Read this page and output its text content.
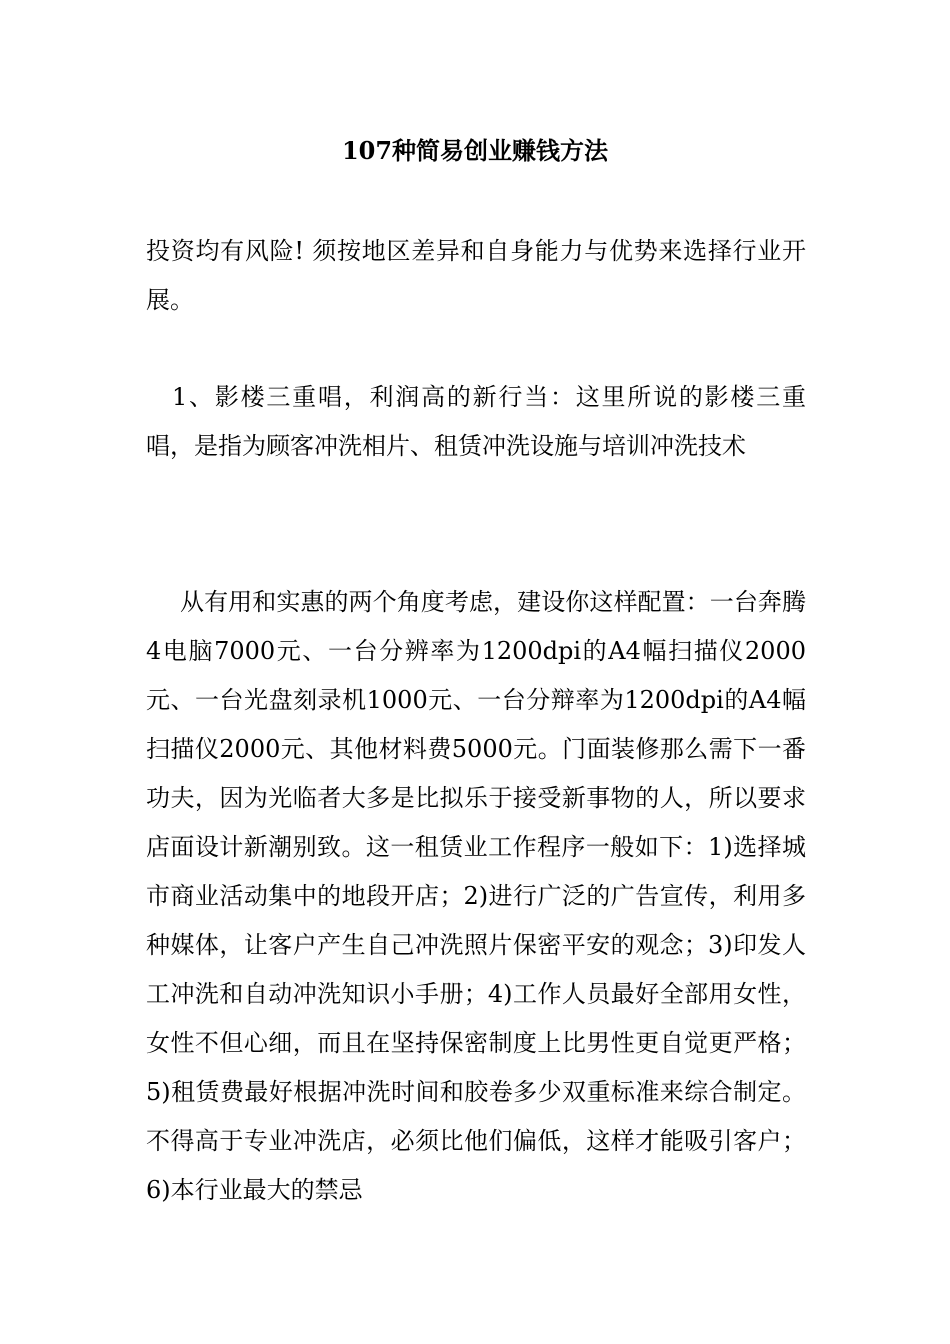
107种简易创业赚钱方法

投资均有风险! 须按地区差异和自身能力与优势来选择行业开展。

1、影楼三重唱，利润高的新行当：这里所说的影楼三重唱，是指为顾客冲洗相片、租赁冲洗设施与培训冲洗技术

从有用和实惠的两个角度考虑，建设你这样配置：一台奔腾4电脑7000元、一台分辨率为1200dpi的A4幅扫描仪2000元、一台光盘刻录机1000元、一台分辩率为1200dpi的A4幅扫描仪2000元、其他材料费5000元。门面装修那么需下一番功夫，因为光临者大多是比拟乐于接受新事物的人，所以要求店面设计新潮别致。这一租赁业工作程序一般如下：1)选择城市商业活动集中的地段开店；2)进行广泛的广告宣传，利用多种媒体，让客户产生自己冲洗照片保密平安的观念；3)印发人工冲洗和自动冲洗知识小手册；4)工作人员最好全部用女性，女性不但心细，而且在坚持保密制度上比男性更自觉更严格；5)租赁费最好根据冲洗时间和胶卷多少双重标准来综合制定。不得高于专业冲洗店，必须比他们偏低，这样才能吸引客户；6)本行业最大的禁忌
